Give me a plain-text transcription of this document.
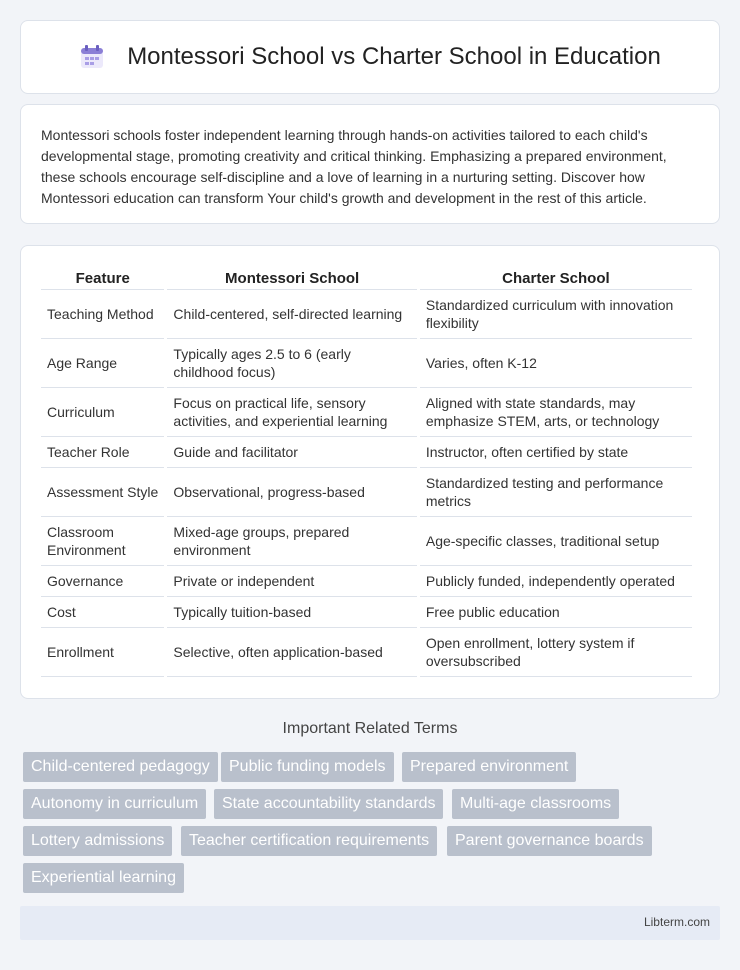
Montessori School vs Charter School in Education

Montessori schools foster independent learning through hands-on activities tailored to each child's developmental stage, promoting creativity and critical thinking. Emphasizing a prepared environment, these schools encourage self-discipline and a love of learning in a nurturing setting. Discover how Montessori education can transform Your child's growth and development in the rest of this article.

Feature	Montessori School	Charter School
Teaching Method	Child-centered, self-directed learning	Standardized curriculum with innovation flexibility
Age Range	Typically ages 2.5 to 6 (early childhood focus)	Varies, often K-12
Curriculum	Focus on practical life, sensory activities, and experiential learning	Aligned with state standards, may emphasize STEM, arts, or technology
Teacher Role	Guide and facilitator	Instructor, often certified by state
Assessment Style	Observational, progress-based	Standardized testing and performance metrics
Classroom Environment	Mixed-age groups, prepared environment	Age-specific classes, traditional setup
Governance	Private or independent	Publicly funded, independently operated
Cost	Typically tuition-based	Free public education
Enrollment	Selective, often application-based	Open enrollment, lottery system if oversubscribed
Important Related Terms
Child-centered pedagogy	Public funding models	Prepared environment
Autonomy in curriculum	State accountability standards	Multi-age classrooms
Lottery admissions	Teacher certification requirements	Parent governance boards
Experiential learning
Libterm.com
